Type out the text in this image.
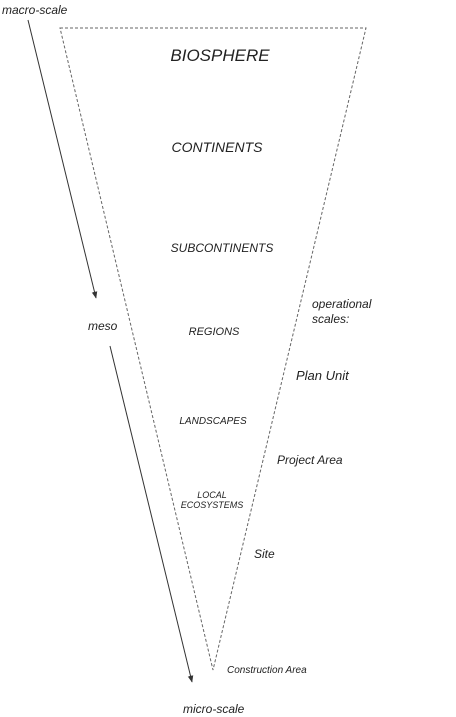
macro-scale
meso
micro-scale
BIOSPHERE
CONTINENTS
SUBCONTINENTS
REGIONS
LANDSCAPES
LOCAL
ECOSYSTEMS
operational
scales:
Plan Unit
Project Area
Site
Construction Area
